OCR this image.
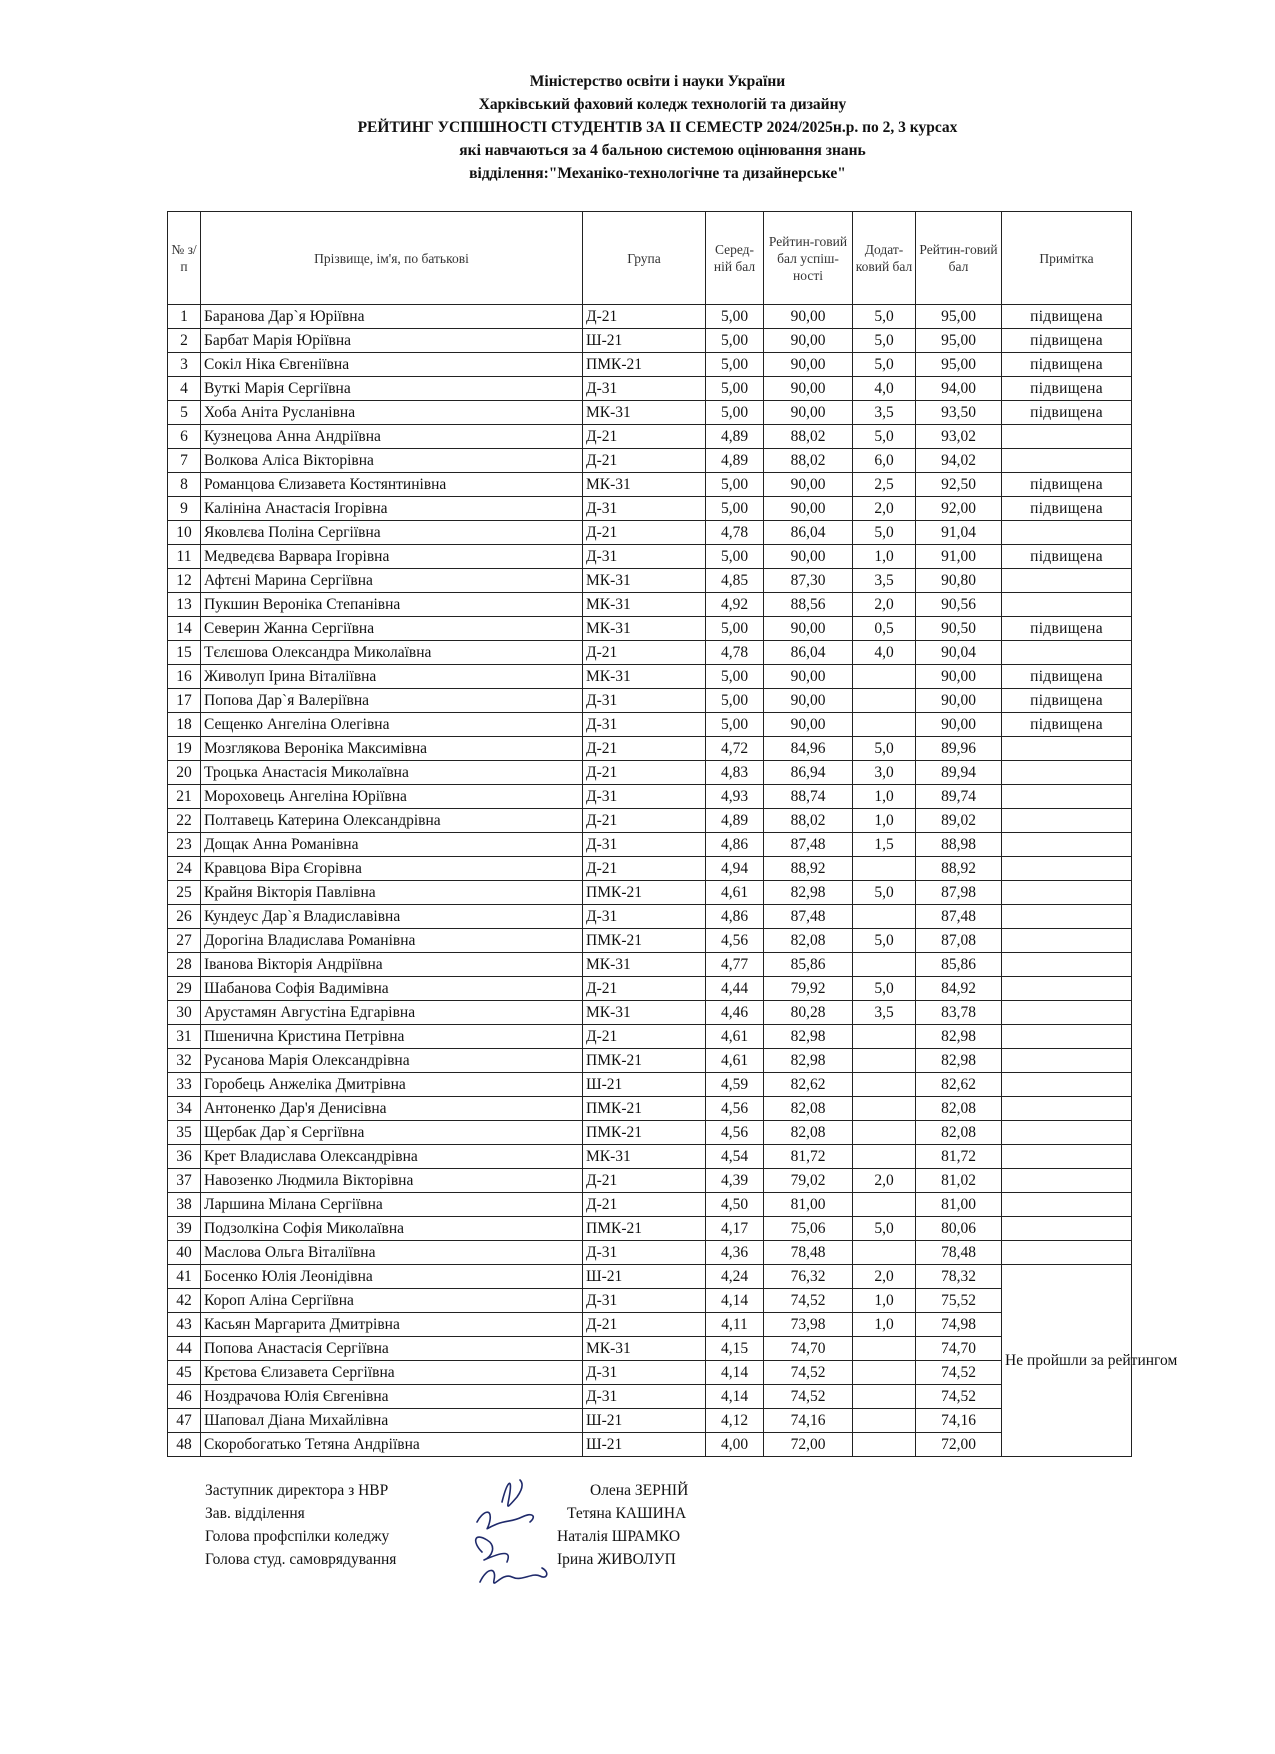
Міністерство освіти і науки України
Харківський фаховий коледж технологій та дизайну
РЕЙТИНГ УСПІШНОСТІ СТУДЕНТІВ ЗА ІІ СЕМЕСТР 2024/2025н.р. по 2, 3 курсах
які навчаються за 4 бальною системою оцінювання знань
відділення:"Механіко-технологічне та дизайнерське"
№ з/п	Прізвище, ім'я, по батькові	Група	Серед-ній бал	Рейтин-говий бал успіш-ності	Додат-ковий бал	Рейтин-говий бал	Примітка
1	Баранова Дар`я Юріївна	Д-21	5,00	90,00	5,0	95,00	підвищена
2	Барбат Марія Юріївна	Ш-21	5,00	90,00	5,0	95,00	підвищена
3	Сокіл Ніка Євгеніївна	ПМК-21	5,00	90,00	5,0	95,00	підвищена
4	Вуткі Марія Сергіївна	Д-31	5,00	90,00	4,0	94,00	підвищена
5	Хоба Аніта Русланівна	МК-31	5,00	90,00	3,5	93,50	підвищена
6	Кузнецова Анна Андріївна	Д-21	4,89	88,02	5,0	93,02	
7	Волкова Аліса Вікторівна	Д-21	4,89	88,02	6,0	94,02	
8	Романцова Єлизавета Костянтинівна	МК-31	5,00	90,00	2,5	92,50	підвищена
9	Калініна Анастасія Ігорівна	Д-31	5,00	90,00	2,0	92,00	підвищена
10	Яковлєва Поліна Сергіївна	Д-21	4,78	86,04	5,0	91,04	
11	Медведєва Варвара Ігорівна	Д-31	5,00	90,00	1,0	91,00	підвищена
12	Афтєні Марина Сергіївна	МК-31	4,85	87,30	3,5	90,80	
13	Пукшин Вероніка Степанівна	МК-31	4,92	88,56	2,0	90,56	
14	Северин Жанна Сергіївна	МК-31	5,00	90,00	0,5	90,50	підвищена
15	Тєлєшова Олександра Миколаївна	Д-21	4,78	86,04	4,0	90,04	
16	Живолуп Ірина Віталіївна	МК-31	5,00	90,00		90,00	підвищена
17	Попова Дар`я Валеріївна	Д-31	5,00	90,00		90,00	підвищена
18	Сещенко Ангеліна Олегівна	Д-31	5,00	90,00		90,00	підвищена
19	Мозглякова Вероніка Максимівна	Д-21	4,72	84,96	5,0	89,96	
20	Троцька Анастасія Миколаївна	Д-21	4,83	86,94	3,0	89,94	
21	Мороховець Ангеліна Юріївна	Д-31	4,93	88,74	1,0	89,74	
22	Полтавець Катерина Олександрівна	Д-21	4,89	88,02	1,0	89,02	
23	Дощак Анна Романівна	Д-31	4,86	87,48	1,5	88,98	
24	Кравцова Віра Єгорівна	Д-21	4,94	88,92		88,92	
25	Крайня Вікторія Павлівна	ПМК-21	4,61	82,98	5,0	87,98	
26	Кундеус Дар`я Владиславівна	Д-31	4,86	87,48		87,48	
27	Дорогіна Владислава Романівна	ПМК-21	4,56	82,08	5,0	87,08	
28	Іванова Вікторія Андріївна	МК-31	4,77	85,86		85,86	
29	Шабанова Софія Вадимівна	Д-21	4,44	79,92	5,0	84,92	
30	Арустамян Августіна Едгарівна	МК-31	4,46	80,28	3,5	83,78	
31	Пшенична Кристина Петрівна	Д-21	4,61	82,98		82,98	
32	Русанова Марія Олександрівна	ПМК-21	4,61	82,98		82,98	
33	Горобець Анжеліка Дмитрівна	Ш-21	4,59	82,62		82,62	
34	Антоненко Дар'я Денисівна	ПМК-21	4,56	82,08		82,08	
35	Щербак Дар`я Сергіївна	ПМК-21	4,56	82,08		82,08	
36	Крет Владислава Олександрівна	МК-31	4,54	81,72		81,72	
37	Навозенко Людмила Вікторівна	Д-21	4,39	79,02	2,0	81,02	
38	Ларшина Мілана Сергіївна	Д-21	4,50	81,00		81,00	
39	Подзолкіна Софія Миколаївна	ПМК-21	4,17	75,06	5,0	80,06	
40	Маслова Ольга Віталіївна	Д-31	4,36	78,48		78,48	
41	Босенко Юлія Леонідівна	Ш-21	4,24	76,32	2,0	78,32	Не пройшли за рейтингом
42	Короп Аліна Сергіївна	Д-31	4,14	74,52	1,0	75,52	
43	Касьян Маргарита Дмитрівна	Д-21	4,11	73,98	1,0	74,98	
44	Попова Анастасія Сергіївна	МК-31	4,15	74,70		74,70	
45	Крєтова Єлизавета Сергіївна	Д-31	4,14	74,52		74,52	
46	Ноздрачова Юлія Євгенівна	Д-31	4,14	74,52		74,52	
47	Шаповал Діана Михайлівна	Ш-21	4,12	74,16		74,16	
48	Скоробогатько Тетяна Андріївна	Ш-21	4,00	72,00		72,00	
Заступник директора з НВР	Олена ЗЕРНІЙ
Зав. відділення	Тетяна КАШИНА
Голова профспілки коледжу	Наталія ШРАМКО
Голова студ. самоврядування	Ірина ЖИВОЛУП
